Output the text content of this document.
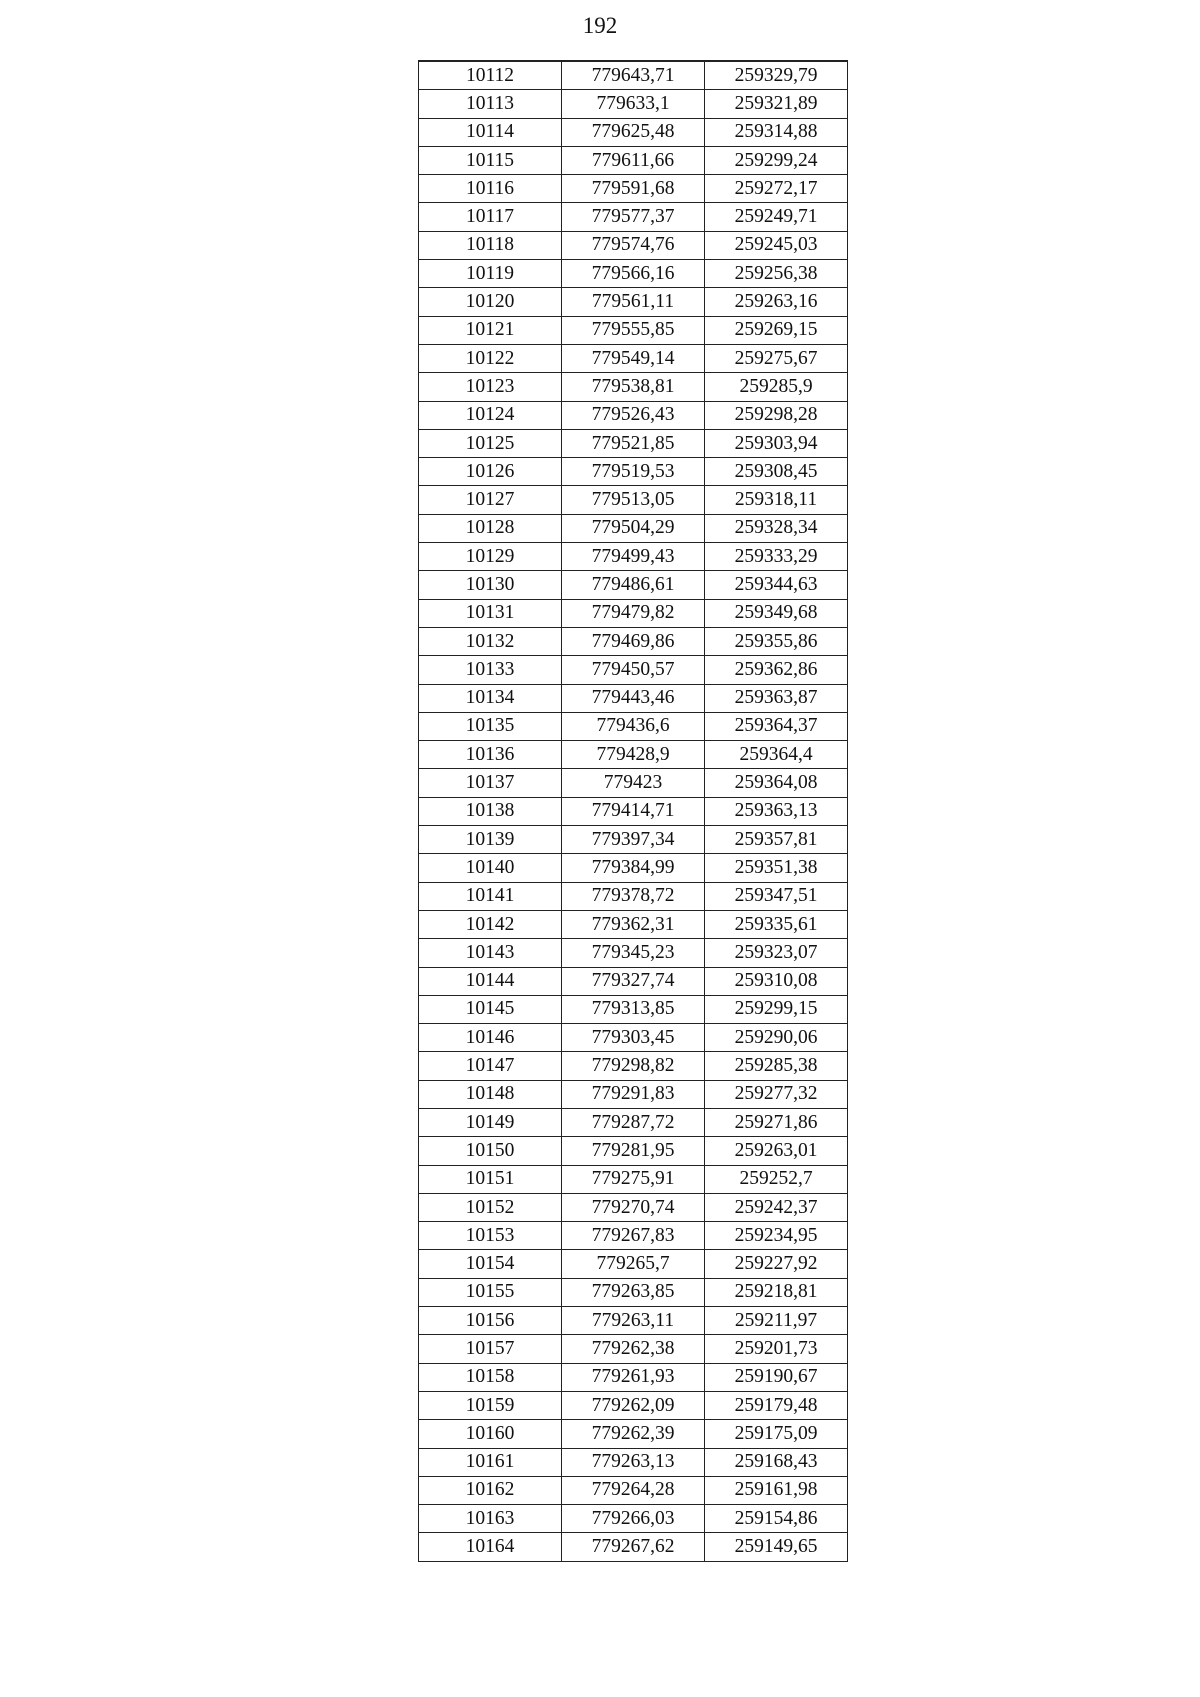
192
10112	779643,71	259329,79
10113	779633,1	259321,89
10114	779625,48	259314,88
10115	779611,66	259299,24
10116	779591,68	259272,17
10117	779577,37	259249,71
10118	779574,76	259245,03
10119	779566,16	259256,38
10120	779561,11	259263,16
10121	779555,85	259269,15
10122	779549,14	259275,67
10123	779538,81	259285,9
10124	779526,43	259298,28
10125	779521,85	259303,94
10126	779519,53	259308,45
10127	779513,05	259318,11
10128	779504,29	259328,34
10129	779499,43	259333,29
10130	779486,61	259344,63
10131	779479,82	259349,68
10132	779469,86	259355,86
10133	779450,57	259362,86
10134	779443,46	259363,87
10135	779436,6	259364,37
10136	779428,9	259364,4
10137	779423	259364,08
10138	779414,71	259363,13
10139	779397,34	259357,81
10140	779384,99	259351,38
10141	779378,72	259347,51
10142	779362,31	259335,61
10143	779345,23	259323,07
10144	779327,74	259310,08
10145	779313,85	259299,15
10146	779303,45	259290,06
10147	779298,82	259285,38
10148	779291,83	259277,32
10149	779287,72	259271,86
10150	779281,95	259263,01
10151	779275,91	259252,7
10152	779270,74	259242,37
10153	779267,83	259234,95
10154	779265,7	259227,92
10155	779263,85	259218,81
10156	779263,11	259211,97
10157	779262,38	259201,73
10158	779261,93	259190,67
10159	779262,09	259179,48
10160	779262,39	259175,09
10161	779263,13	259168,43
10162	779264,28	259161,98
10163	779266,03	259154,86
10164	779267,62	259149,65
